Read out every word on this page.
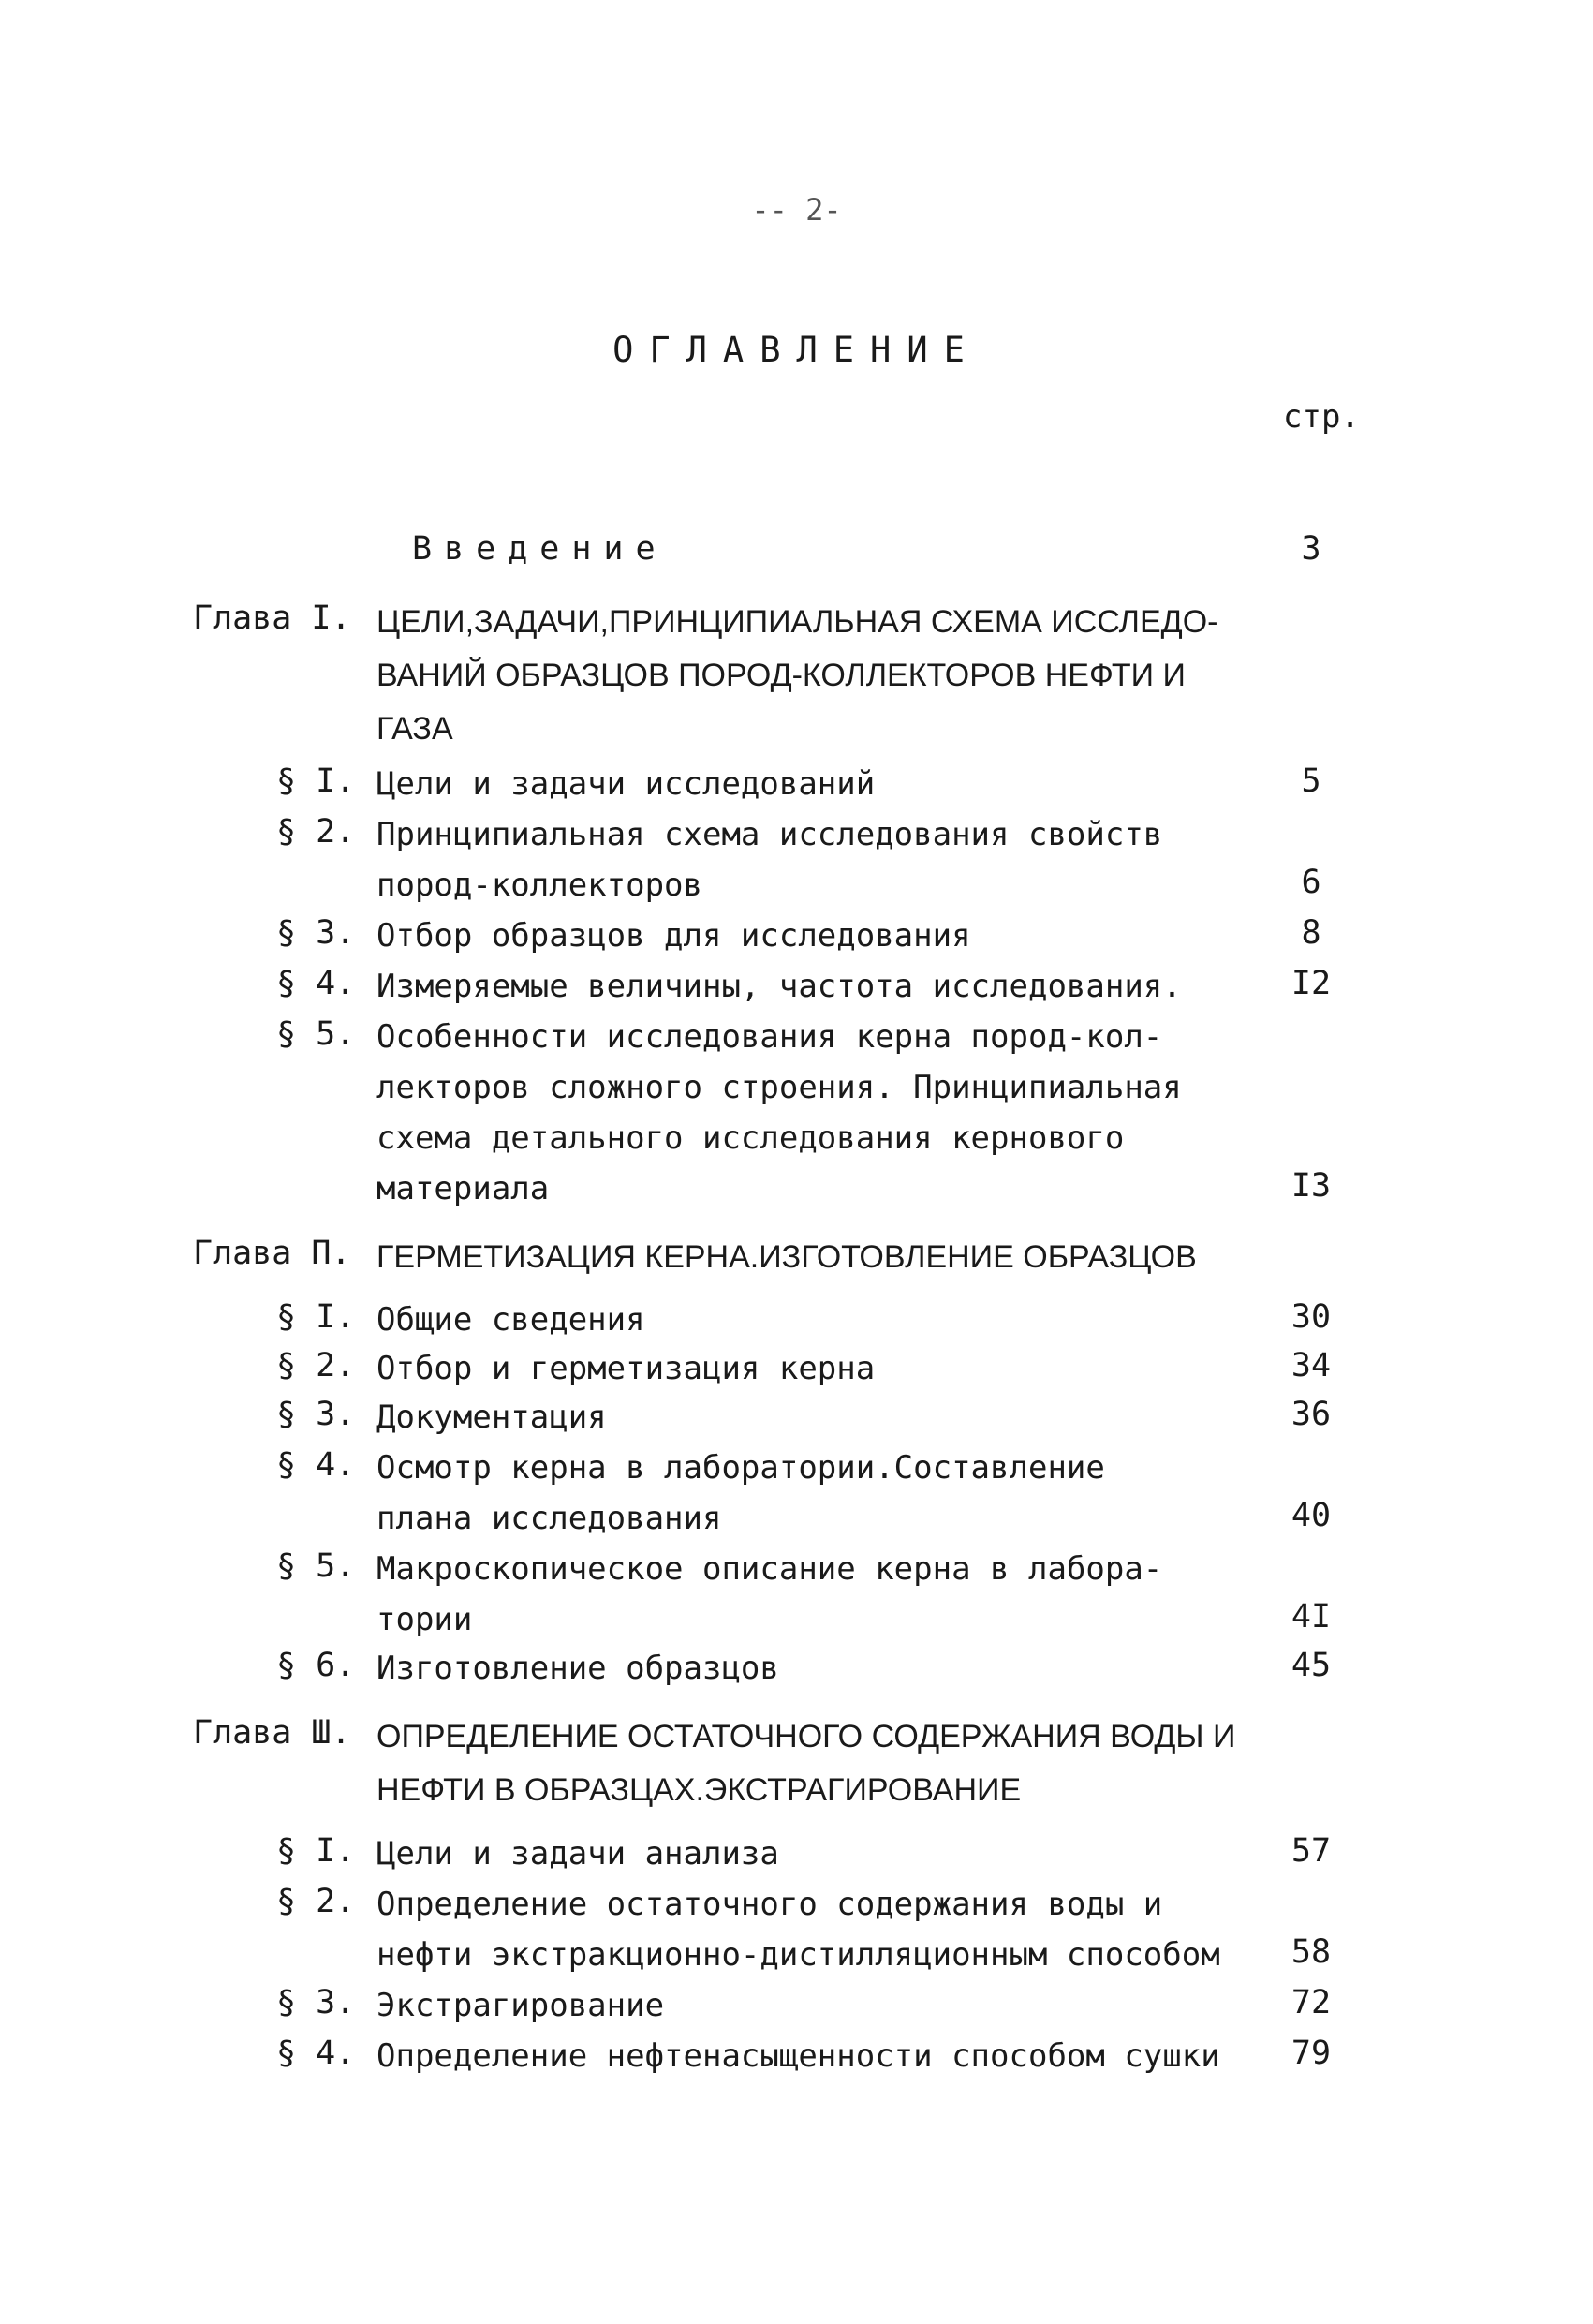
-- 2-
ОГЛАВЛЕНИЕ
стр.
Введение	3
Глава I. ЦЕЛИ,ЗАДАЧИ,ПРИНЦИПИАЛЬНАЯ СХЕМА ИССЛЕДО-
ВАНИЙ ОБРАЗЦОВ ПОРОД-КОЛЛЕКТОРОВ НЕФТИ И
ГАЗА
§ I. Цели и задачи исследований	5
§ 2. Принципиальная схема исследования свойств
пород-коллекторов	6
§ 3. Отбор образцов для исследования	8
§ 4. Измеряемые величины, частота исследования.	I2
§ 5. Особенности исследования керна пород-кол-
лекторов сложного строения. Принципиальная
схема детального исследования кернового
материала	I3
Глава П. ГЕРМЕТИЗАЦИЯ КЕРНА.ИЗГОТОВЛЕНИЕ ОБРАЗЦОВ
§ I. Общие сведения	30
§ 2. Отбор и герметизация керна	34
§ 3. Документация	36
§ 4. Осмотр керна в лаборатории.Составление
плана исследования	40
§ 5. Макроскопическое описание керна в лабора-
тории	4I
§ 6. Изготовление образцов	45
Глава Ш. ОПРЕДЕЛЕНИЕ ОСТАТОЧНОГО СОДЕРЖАНИЯ ВОДЫ И
НЕФТИ В ОБРАЗЦАХ.ЭКСТРАГИРОВАНИЕ
§ I. Цели и задачи анализа	57
§ 2. Определение остаточного содержания воды и
нефти экстракционно-дистилляционным способом	58
§ 3. Экстрагирование	72
§ 4. Определение нефтенасыщенности способом сушки	79
